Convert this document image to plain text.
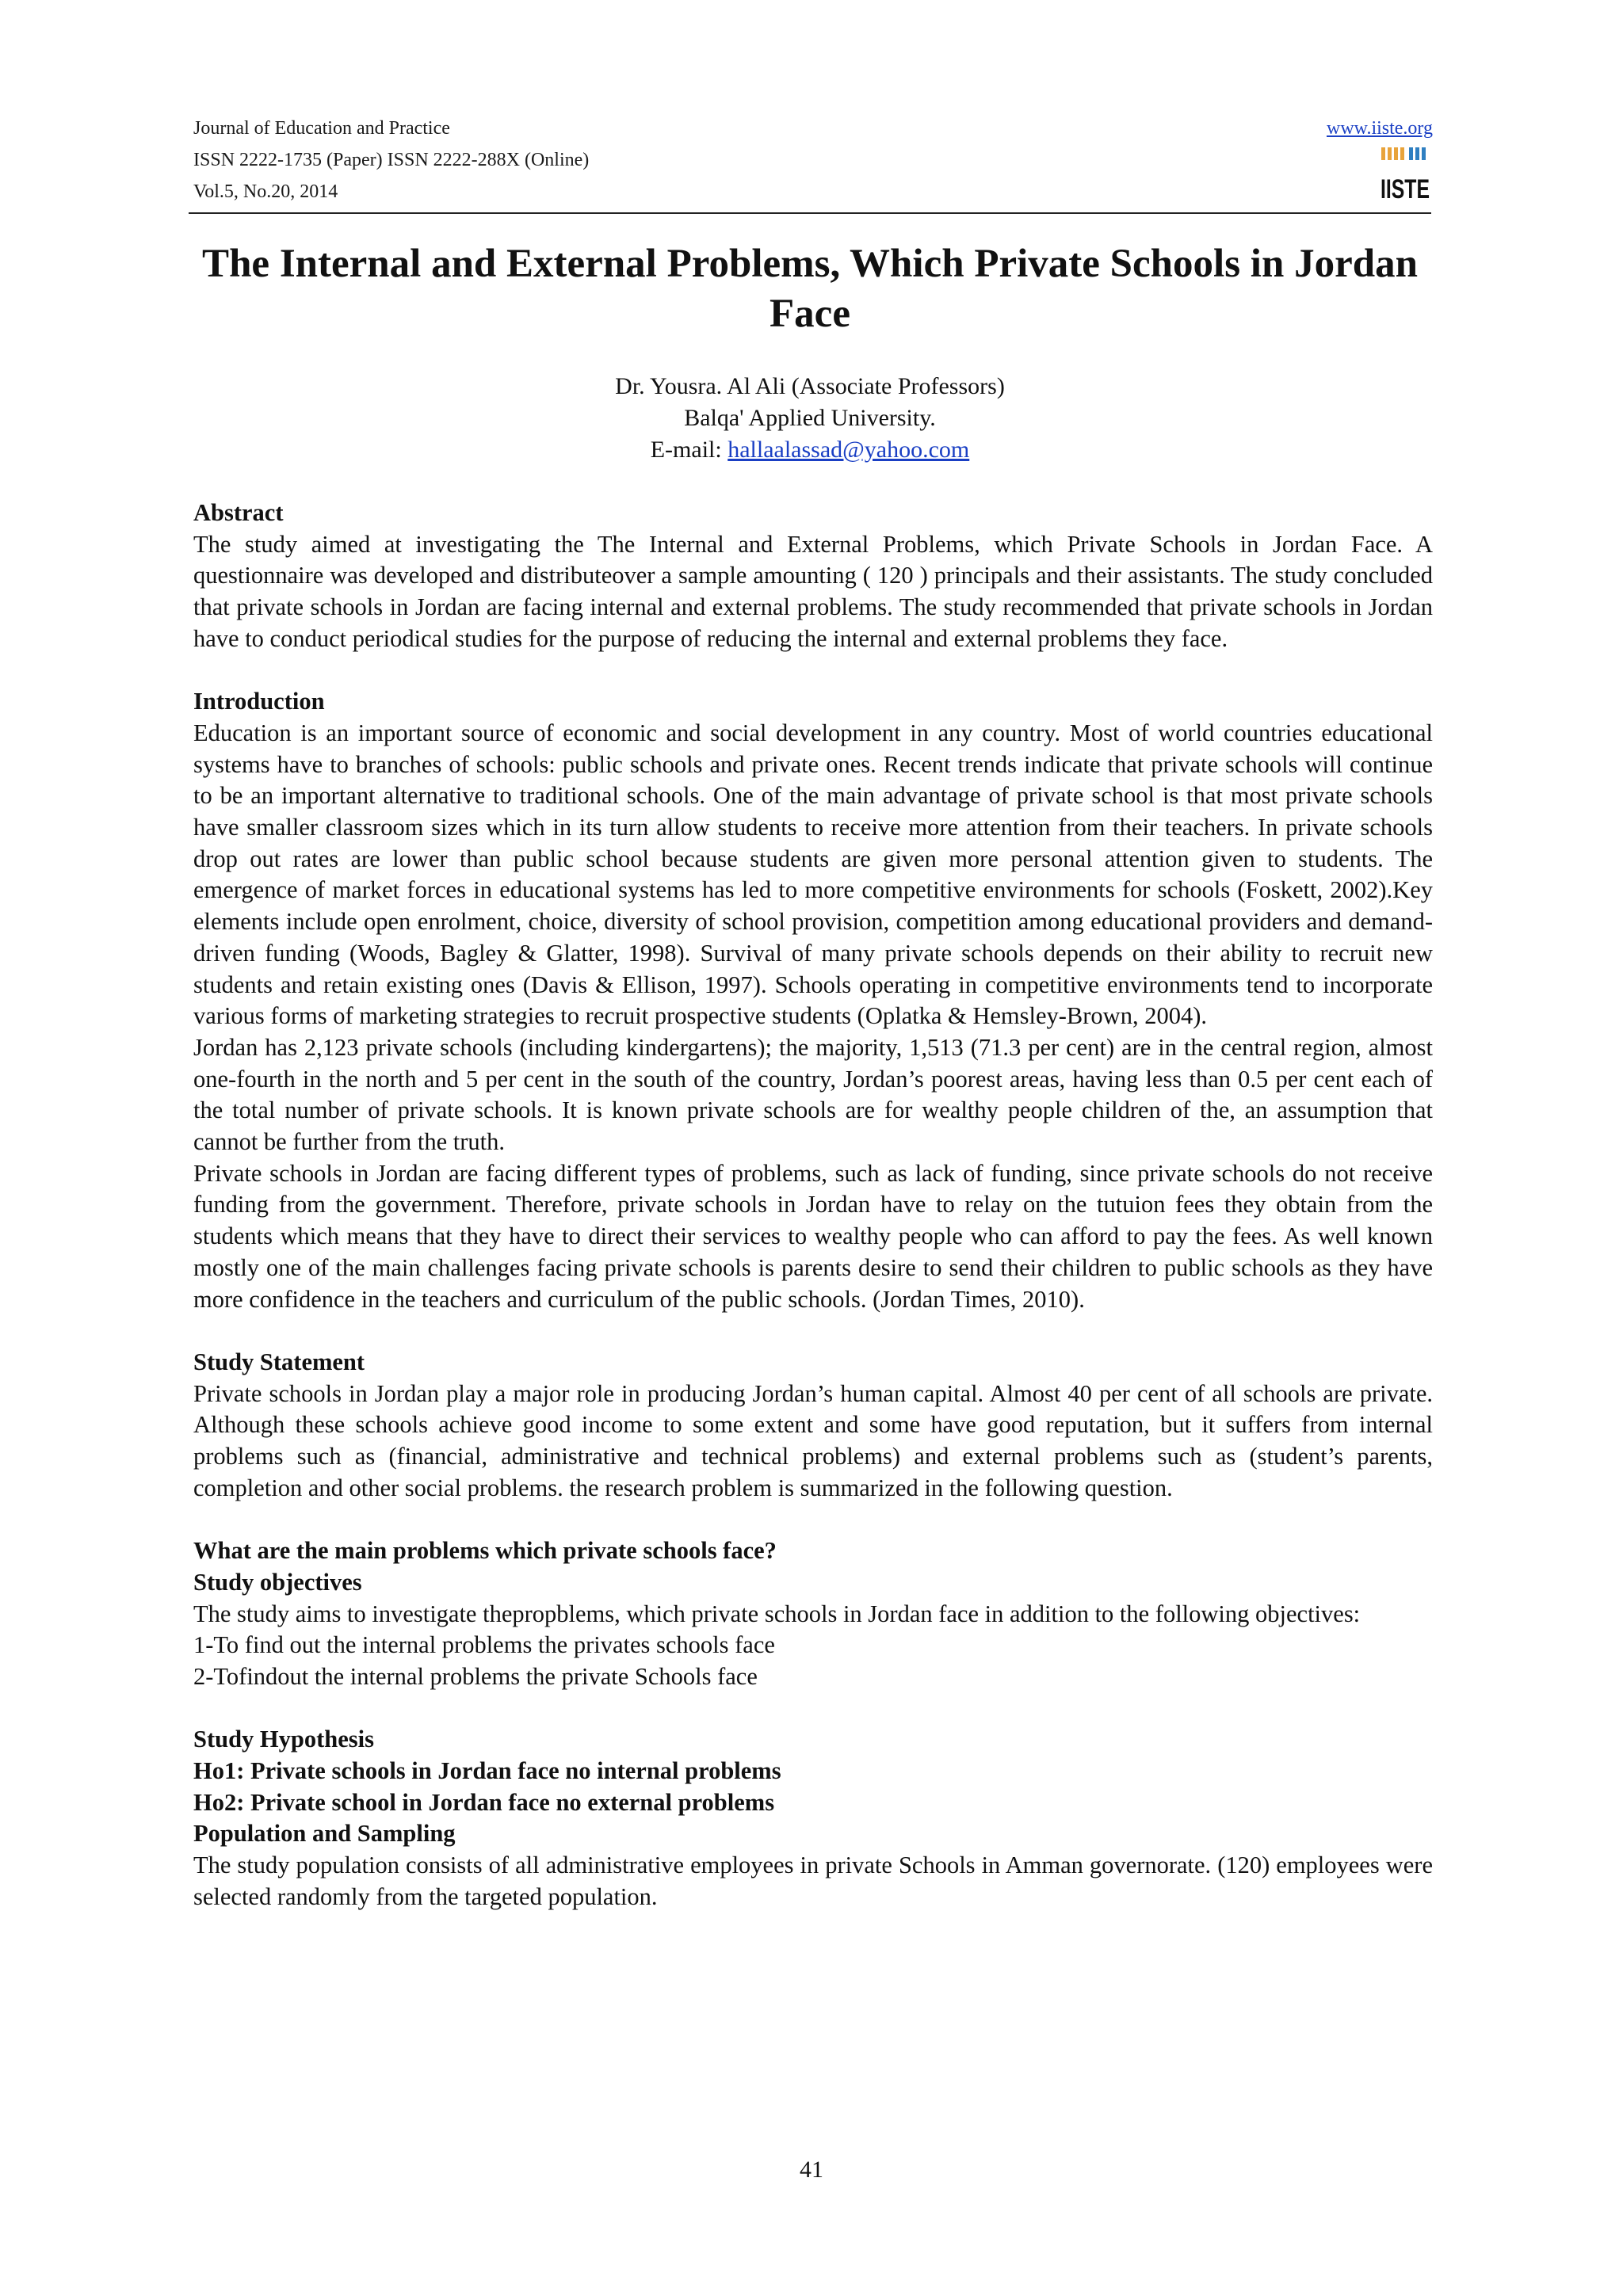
Journal of Education and Practice
ISSN 2222-1735 (Paper) ISSN 2222-288X (Online)
Vol.5, No.20, 2014
www.iiste.org
IISTE
The Internal and External Problems, Which Private Schools in Jordan Face
Dr. Yousra. Al Ali (Associate Professors)
Balqa' Applied University.
E-mail: hallaalassad@yahoo.com
Abstract

The study aimed at investigating the The Internal and External Problems, which Private Schools in Jordan Face. A questionnaire was developed and distributeover a sample amounting ( 120 ) principals and their assistants. The study concluded that private schools in Jordan are facing internal and external problems. The study recommended that private schools in Jordan have to conduct periodical studies for the purpose of reducing the internal and external problems they face.

Introduction

Education is an important source of economic and social development in any country. Most of world countries educational systems have to branches of schools: public schools and private ones. Recent trends indicate that private schools will continue to be an important alternative to traditional schools. One of the main advantage of private school is that most private schools have smaller classroom sizes which in its turn allow students to receive more attention from their teachers. In private schools drop out rates are lower than public school because students are given more personal attention given to students. The emergence of market forces in educational systems has led to more competitive environments for schools (Foskett, 2002).Key elements include open enrolment, choice, diversity of school provision, competition among educational providers and demand-driven funding (Woods, Bagley & Glatter, 1998). Survival of many private schools depends on their ability to recruit new students and retain existing ones (Davis & Ellison, 1997). Schools operating in competitive environments tend to incorporate various forms of marketing strategies to recruit prospective students (Oplatka & Hemsley-Brown, 2004).

Jordan has 2,123 private schools (including kindergartens); the majority, 1,513 (71.3 per cent) are in the central region, almost one-fourth in the north and 5 per cent in the south of the country, Jordan’s poorest areas, having less than 0.5 per cent each of the total number of private schools. It is known private schools are for wealthy people children of the, an assumption that cannot be further from the truth.

Private schools in Jordan are facing different types of problems, such as lack of funding, since private schools do not receive funding from the government. Therefore, private schools in Jordan have to relay on the tutuion fees they obtain from the students which means that they have to direct their services to wealthy people who can afford to pay the fees. As well known mostly one of the main challenges facing private schools is parents desire to send their children to public schools as they have more confidence in the teachers and curriculum of the public schools. (Jordan Times, 2010).

Study Statement

Private schools in Jordan play a major role in producing Jordan’s human capital. Almost 40 per cent of all schools are private. Although these schools achieve good income to some extent and some have good reputation, but it suffers from internal problems such as (financial, administrative and technical problems) and external problems such as (student’s parents, completion and other social problems. the research problem is summarized in the following question.

What are the main problems which private schools face?
Study objectives

The study aims to investigate thepropblems, which private schools in Jordan face in addition to the following objectives:

1-To find out the internal problems the privates schools face
2-Tofindout the internal problems the private Schools face
Study Hypothesis
Ho1: Private schools in Jordan face no internal problems
Ho2: Private school in Jordan face no external problems
Population and Sampling

The study population consists of all administrative employees in private Schools in Amman governorate. (120) employees were selected randomly from the targeted population.

41
